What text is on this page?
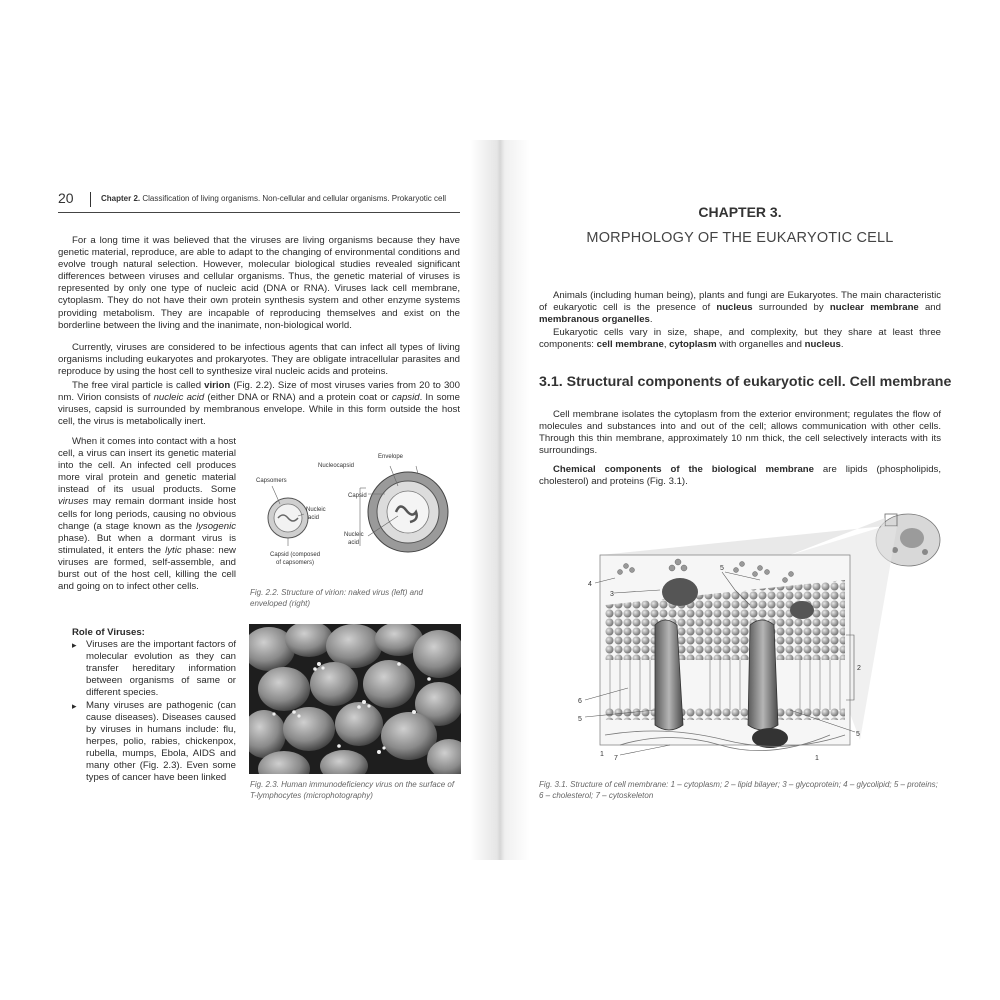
20	Chapter 2. Classification of living organisms. Non-cellular and cellular organisms. Prokaryotic cell

For a long time it was believed that the viruses are living organisms because they have genetic material, reproduce, are able to adapt to the changing of environmental conditions and evolve trough natural selection. However, molecular biological studies revealed significant differences between viruses and cellular organisms. Thus, the genetic material of viruses is represented by only one type of nucleic acid (DNA or RNA). Viruses lack cell membrane, cytoplasm. They do not have their own protein synthesis system and other enzyme systems providing metabolism. They are incapable of reproducing themselves and exist on the borderline between the living and the inanimate, non-biological world.

Currently, viruses are considered to be infectious agents that can infect all types of living organisms including eukaryotes and prokaryotes. They are obligate intracellular parasites and reproduce by using the host cell to synthesize viral nucleic acids and proteins.

The free viral particle is called virion (Fig. 2.2). Size of most viruses varies from 20 to 300 nm. Virion consists of nucleic acid (either DNA or RNA) and a protein coat or capsid. In some viruses, capsid is surrounded by membranous envelope. While in this form outside the host cell, the virus is metabolically inert.

When it comes into contact with a host cell, a virus can insert its genetic material into the cell. An infected cell produces more viral protein and genetic material instead of its usual products. Some viruses may remain dormant inside host cells for long periods, causing no obvious change (a stage known as the lysogenic phase). But when a dormant virus is stimulated, it enters the lytic phase: new viruses are formed, self-assemble, and burst out of the host cell, killing the cell and going on to infect other cells.

Role of Viruses:
▸ Viruses are the important factors of molecular evolution as they can transfer hereditary information between organisms of same or different species.
▸ Many viruses are pathogenic (can cause diseases). Diseases caused by viruses in humans include: flu, herpes, polio, rabies, chickenpox, rubella, mumps, Ebola, AIDS and many other (Fig. 2.3). Even some types of cancer have been linked
Capsomers
Nucleic
acid
Capsid (composed
of capsomers)
Nucleocapsid
Envelope
Capsid
Nucleic
acid
Fig. 2.2. Structure of virion: naked virus (left) and enveloped (right)
Fig. 2.3. Human immunodeficiency virus on the surface of T-lymphocytes (microphotography)
CHAPTER 3.
MORPHOLOGY OF THE EUKARYOTIC CELL

Animals (including human being), plants and fungi are Eukaryotes. The main characteristic of eukaryotic cell is the presence of nucleus surrounded by nuclear membrane and membranous organelles.

Eukaryotic cells vary in size, shape, and complexity, but they share at least three components: cell membrane, cytoplasm with organelles and nucleus.

3.1. Structural components of eukaryotic cell. Cell membrane

Cell membrane isolates the cytoplasm from the exterior environment; regulates the flow of molecules and substances into and out of the cell; allows communication with other cells. Through this thin membrane, approximately 10 nm thick, the cell selectively interacts with its surroundings.

Chemical components of the biological membrane are lipids (phospholipids, cholesterol) and proteins (Fig. 3.1).

1
2
3
4
5
5
5
6
7	1
Fig. 3.1. Structure of cell membrane: 1 – cytoplasm; 2 – lipid bilayer; 3 – glycoprotein; 4 – glycolipid; 5 – proteins; 6 – cholesterol; 7 – cytoskeleton
